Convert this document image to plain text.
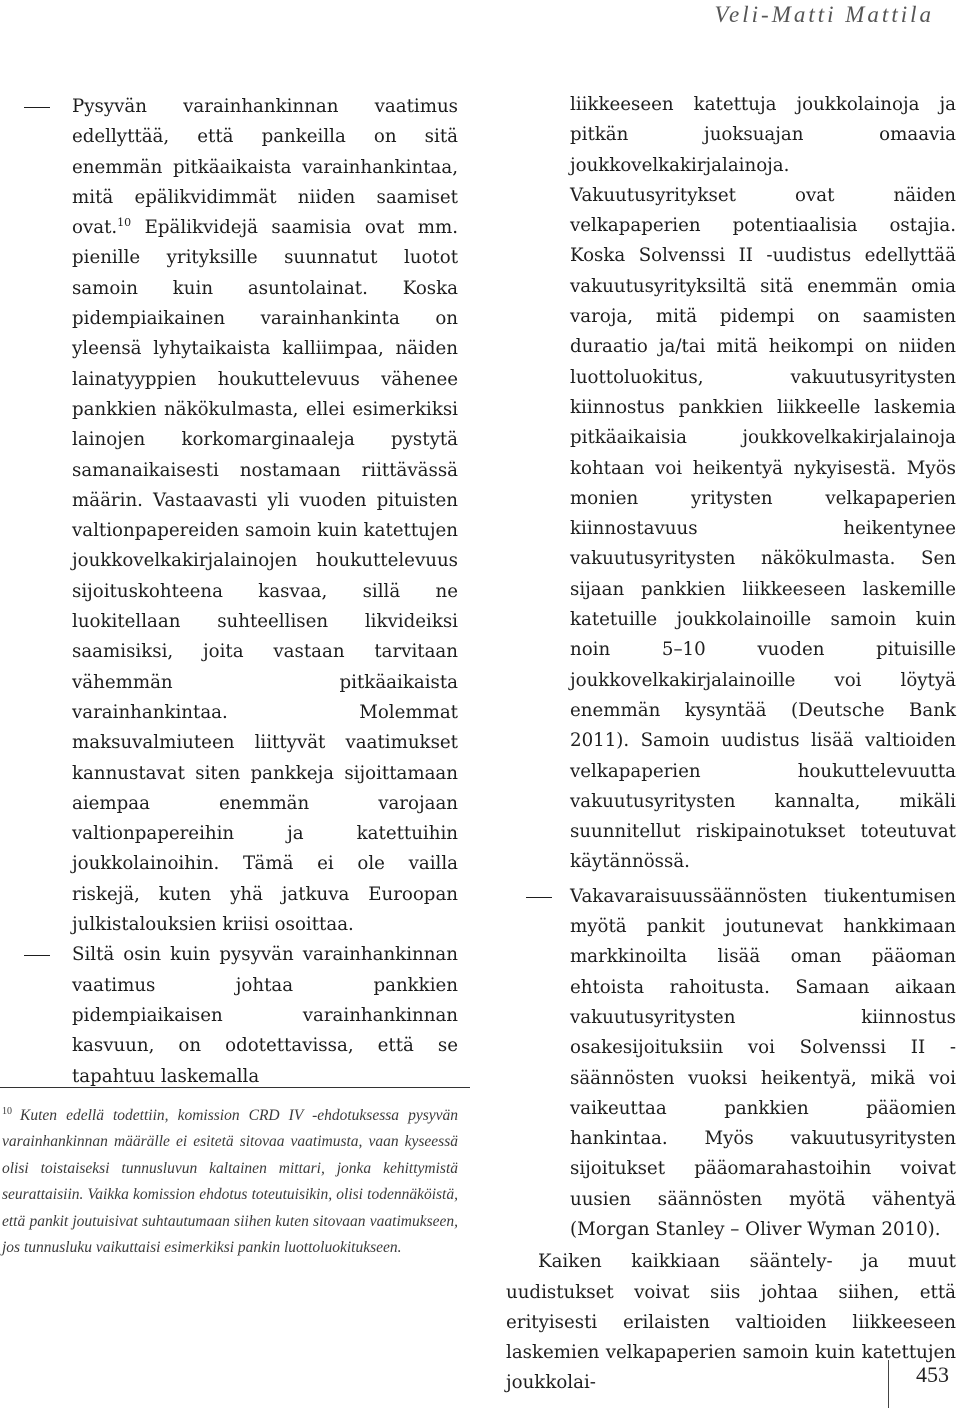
Veli-Matti Mattila
Pysyvän varainhankinnan vaatimus edellyttää, että pankeilla on sitä enemmän pitkäaikaista varainhankintaa, mitä epälikvidimmät niiden saamiset ovat.$^{10}$ Epälikvidejä saamisia ovat mm. pienille yrityksille suunnatut luotot samoin kuin asuntolainat. Koska pidempiaikainen varainhankinta on yleensä lyhytaikaista kalliimpaa, näiden lainatyyppien houkuttelevuus vähenee pankkien näkökulmasta, ellei esimerkiksi lainojen korkomarginaaleja pystytä samanaikaisesti nostamaan riittävässä määrin. Vastaavasti yli vuoden pituisten valtionpapereiden samoin kuin katettujen joukkovelkakirjalainojen houkuttelevuus sijoituskohteena kasvaa, sillä ne luokitellaan suhteellisen likvideiksi saamisiksi, joita vastaan tarvitaan vähemmän pitkäaikaista varainhankintaa. Molemmat maksuvalmiuteen liittyvät vaatimukset kannustavat siten pankkeja sijoittamaan aiempaa enemmän varojaan valtionpapereihin ja katettuihin joukkolainoihin. Tämä ei ole vailla riskejä, kuten yhä jatkuva Euroopan julkistalouksien kriisi osoittaa.
Siltä osin kuin pysyvän varainhankinnan vaatimus johtaa pankkien pidempiaikaisen varainhankinnan kasvuun, on odotettavissa, että se tapahtuu laskemalla
$^{10}$ Kuten edellä todettiin, komission CRD IV -ehdotuksessa pysyvän varainhankinnan määrälle ei esitetä sitovaa vaatimusta, vaan kyseessä olisi toistaiseksi tunnusluvun kaltainen mittari, jonka kehittymistä seurattaisiin. Vaikka komission ehdotus toteutuisikin, olisi todennäköistä, että pankit joutuisivat suhtautumaan siihen kuten sitovaan vaatimukseen, jos tunnusluku vaikuttaisi esimerkiksi pankin luottoluokitukseen.
liikkeeseen katettuja joukkolainoja ja pitkän juoksuajan omaavia joukkovelkakirjalainoja. Vakuutusyritykset ovat näiden velkapaperien potentiaalisia ostajia. Koska Solvenssi II -uudistus edellyttää vakuutusyrityksiltä sitä enemmän omia varoja, mitä pidempi on saamisten duraatio ja/tai mitä heikompi on niiden luottoluokitus, vakuutusyritysten kiinnostus pankkien liikkeelle laskemia pitkäaikaisia joukkovelkakirjalainoja kohtaan voi heikentyä nykyisestä. Myös monien yritysten velkapaperien kiinnostavuus heikentynee vakuutusyritysten näkökulmasta. Sen sijaan pankkien liikkeeseen laskemille katetuille joukkolainoille samoin kuin noin 5–10 vuoden pituisille joukkovelkakirjalainoille voi löytyä enemmän kysyntää (Deutsche Bank 2011). Samoin uudistus lisää valtioiden velkapaperien houkuttelevuutta vakuutusyritysten kannalta, mikäli suunnitellut riskipainotukset toteutuvat käytännössä.
Vakavaraisuussäännösten tiukentumisen myötä pankit joutunevat hankkimaan markkinoilta lisää oman pääoman ehtoista rahoitusta. Samaan aikaan vakuutusyritysten kiinnostus osakesijoituksiin voi Solvenssi II -säännösten vuoksi heikentyä, mikä voi vaikeuttaa pankkien pääomien hankintaa. Myös vakuutusyritysten sijoitukset pääomarahastoihin voivat uusien säännösten myötä vähentyä (Morgan Stanley – Oliver Wyman 2010).

Kaiken kaikkiaan sääntely- ja muut uudistukset voivat siis johtaa siihen, että erityisesti erilaisten valtioiden liikkeeseen laskemien velkapaperien samoin kuin katettujen joukkolai-	453
